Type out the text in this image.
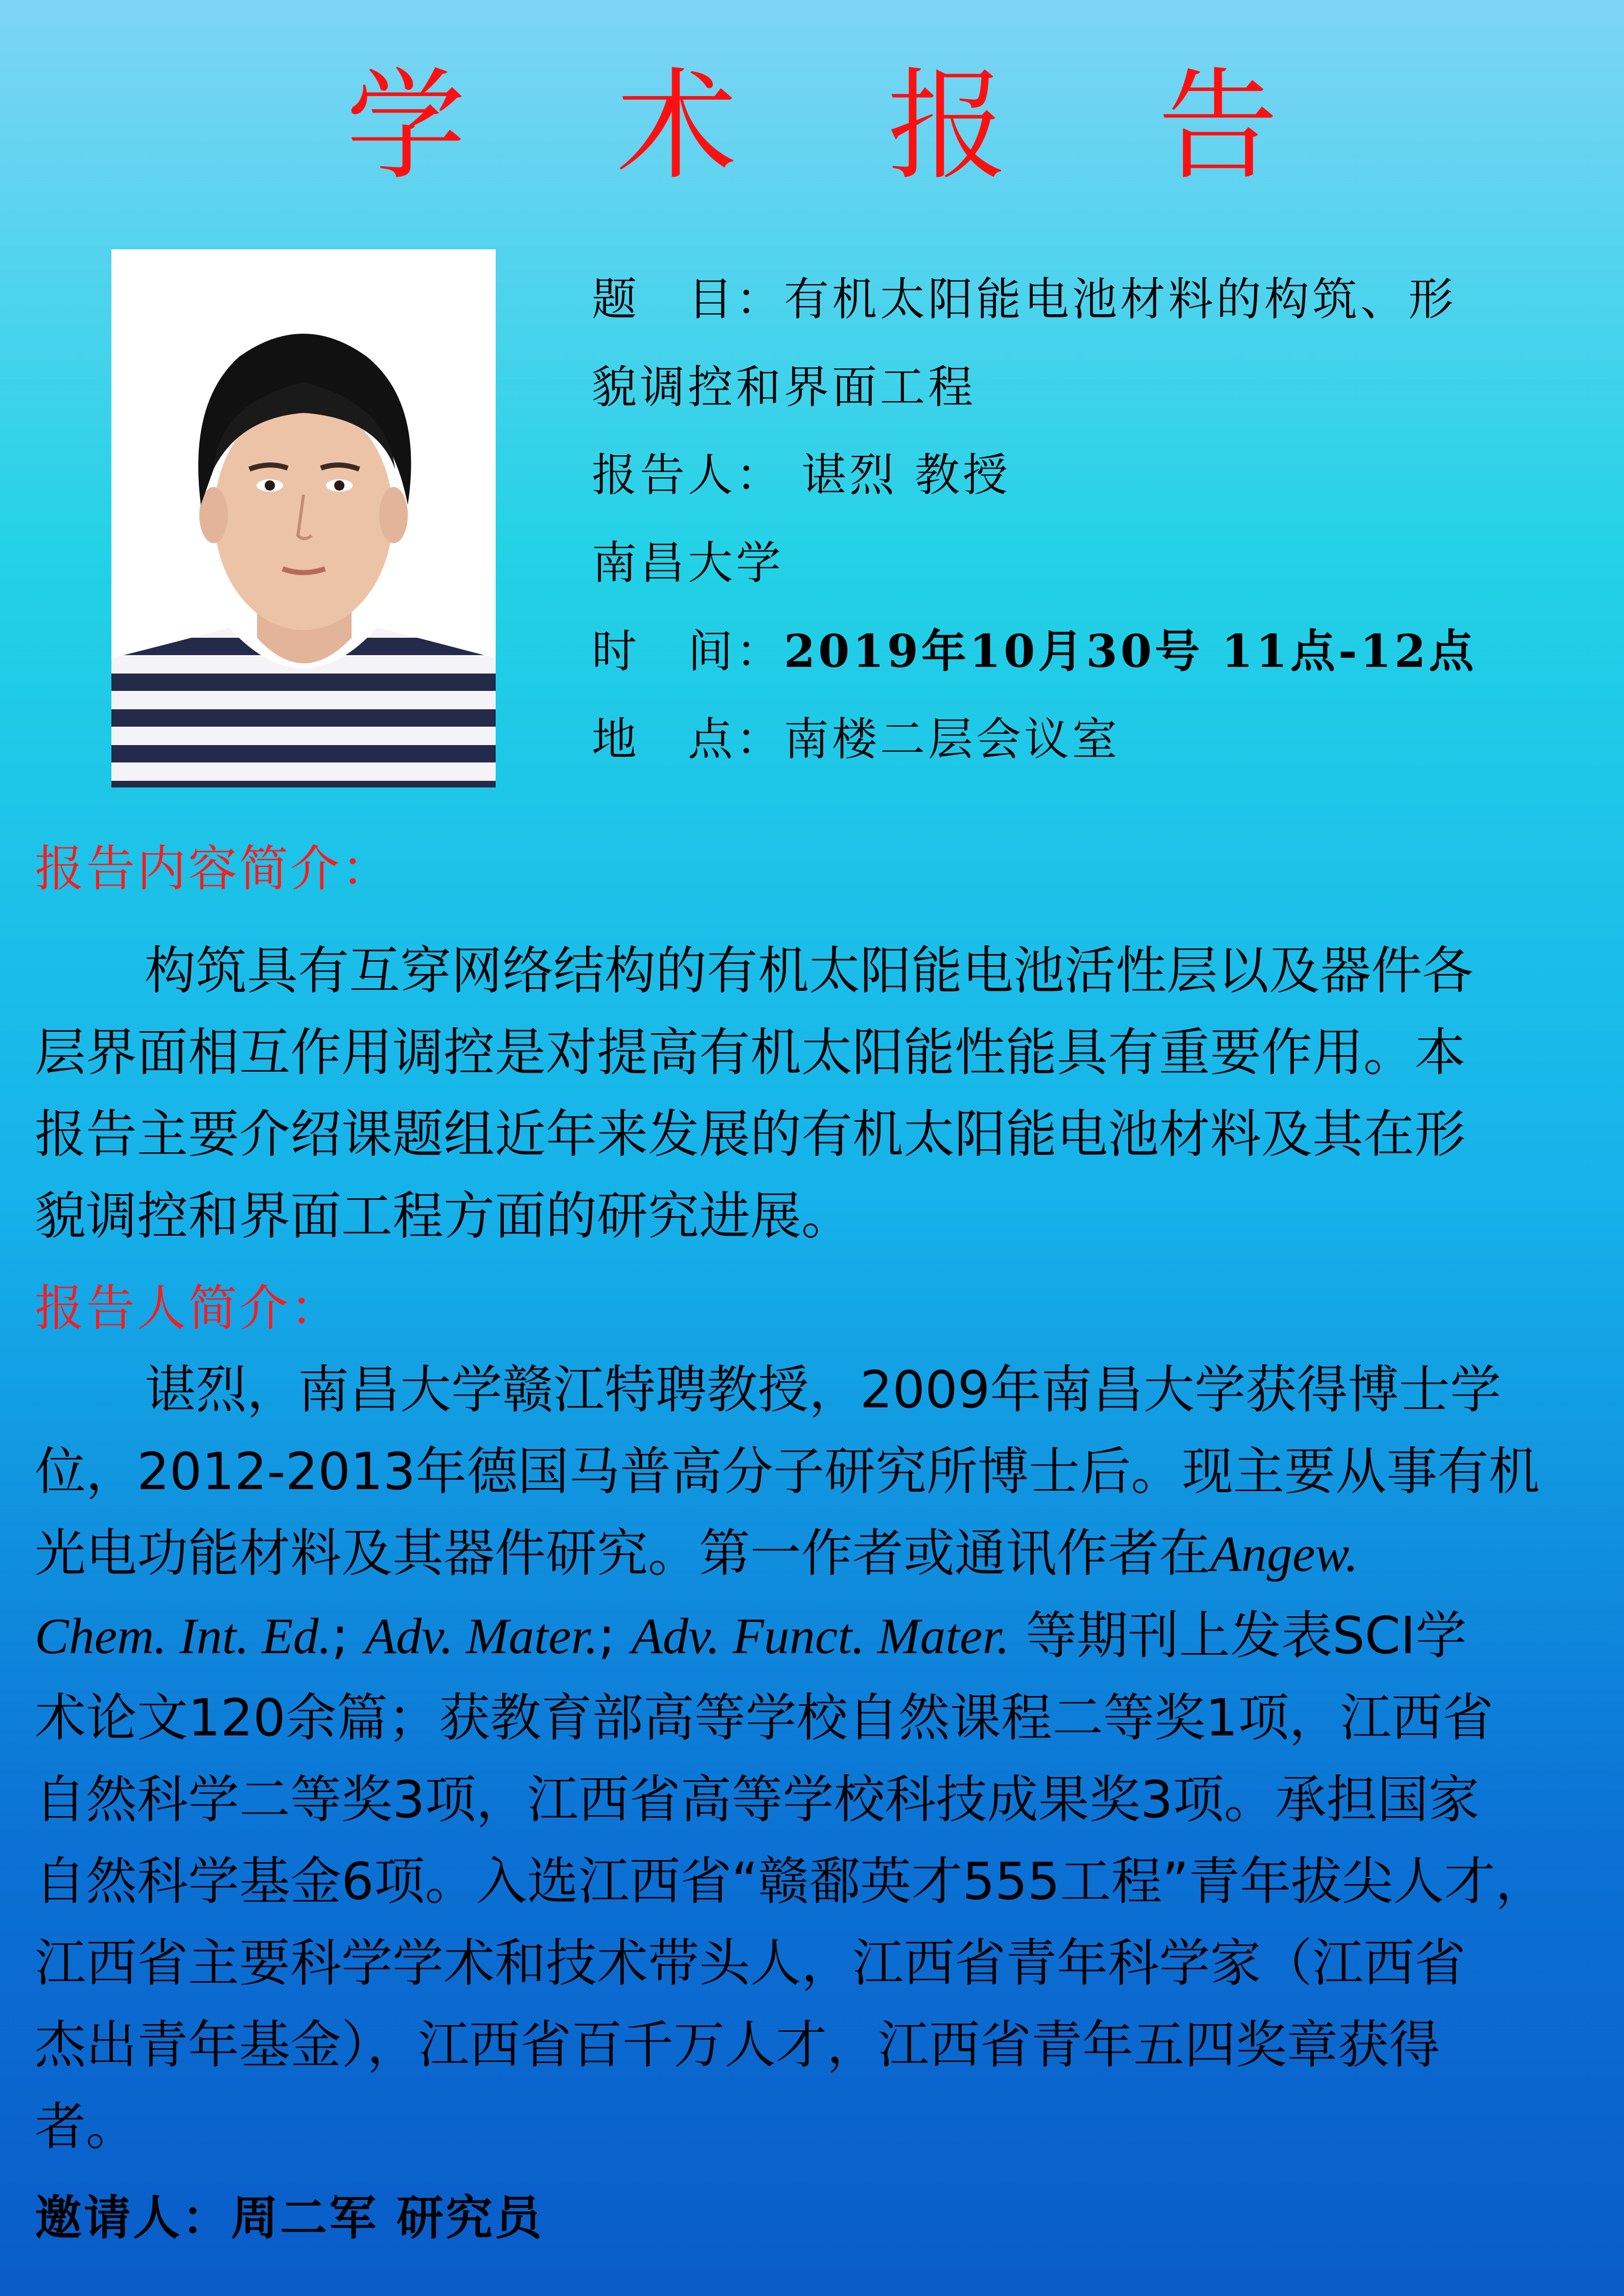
学 术 报 告
题　目：有机太阳能电池材料的构筑、形
貌调控和界面工程
报告人： 谌烈 教授
南昌大学
时　间：2019年10月30号 11点-12点
地　点：南楼二层会议室
报告内容简介：
构筑具有互穿网络结构的有机太阳能电池活性层以及器件各
层界面相互作用调控是对提高有机太阳能性能具有重要作用。本
报告主要介绍课题组近年来发展的有机太阳能电池材料及其在形
貌调控和界面工程方面的研究进展。
报告人简介：
谌烈，南昌大学赣江特聘教授，2009年南昌大学获得博士学
位，2012-2013年德国马普高分子研究所博士后。现主要从事有机
光电功能材料及其器件研究。第一作者或通讯作者在Angew.
Chem. Int. Ed.; Adv. Mater.; Adv. Funct. Mater. 等期刊上发表SCI学
术论文120余篇；获教育部高等学校自然课程二等奖1项，江西省
自然科学二等奖3项，江西省高等学校科技成果奖3项。承担国家
自然科学基金6项。入选江西省“赣鄱英才555工程”青年拔尖人才，
江西省主要科学学术和技术带头人，江西省青年科学家（江西省
杰出青年基金），江西省百千万人才，江西省青年五四奖章获得
者。
邀请人：周二军 研究员
